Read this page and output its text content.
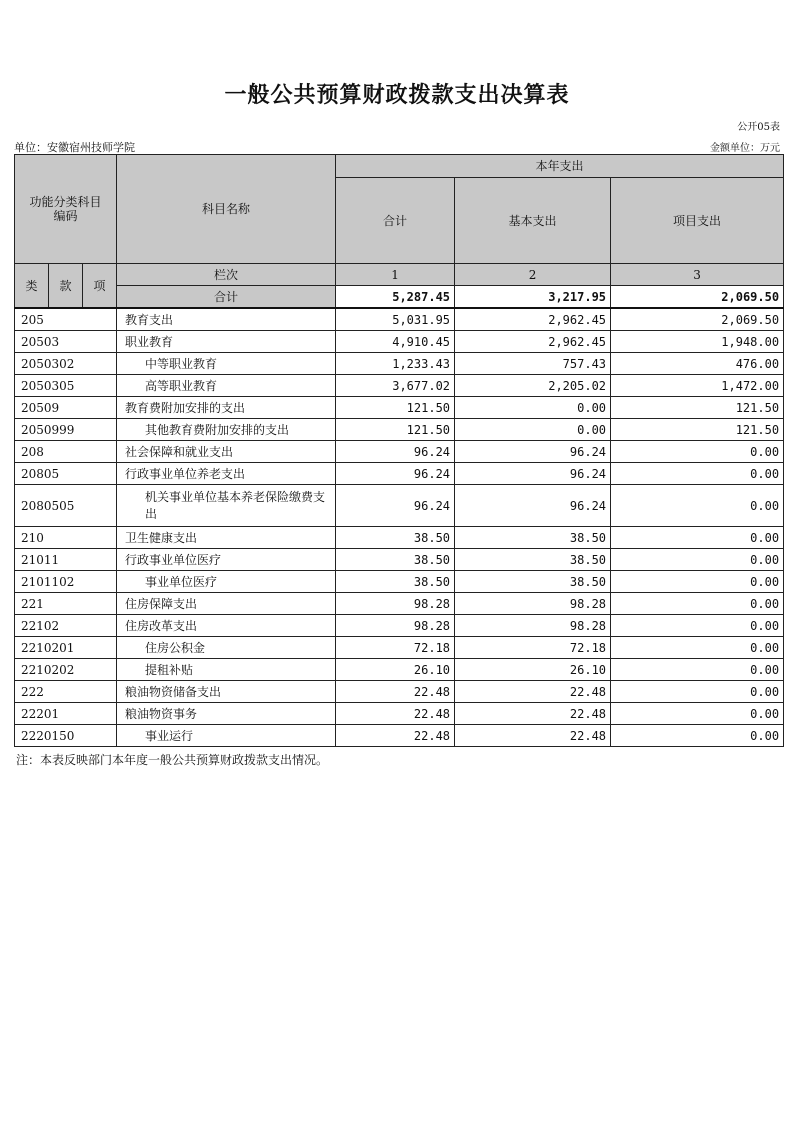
一般公共预算财政拨款支出决算表
公开05表
单位：安徽宿州技师学院	金额单位：万元
功能分类科目编码			科目名称	本年支出		
				合计	基本支出	项目支出
类	款	项	栏次	1	2	3
			合计	5,287.45	3,217.95	2,069.50
205			教育支出	5,031.95	2,962.45	2,069.50
20503			职业教育	4,910.45	2,962.45	1,948.00
2050302			中等职业教育	1,233.43	757.43	476.00
2050305			高等职业教育	3,677.02	2,205.02	1,472.00
20509			教育费附加安排的支出	121.50	0.00	121.50
2050999			其他教育费附加安排的支出	121.50	0.00	121.50
208			社会保障和就业支出	96.24	96.24	0.00
20805			行政事业单位养老支出	96.24	96.24	0.00
2080505			机关事业单位基本养老保险缴费支出	96.24	96.24	0.00
210			卫生健康支出	38.50	38.50	0.00
21011			行政事业单位医疗	38.50	38.50	0.00
2101102			事业单位医疗	38.50	38.50	0.00
221			住房保障支出	98.28	98.28	0.00
22102			住房改革支出	98.28	98.28	0.00
2210201			住房公积金	72.18	72.18	0.00
2210202			提租补贴	26.10	26.10	0.00
222			粮油物资储备支出	22.48	22.48	0.00
22201			粮油物资事务	22.48	22.48	0.00
2220150			事业运行	22.48	22.48	0.00
注：本表反映部门本年度一般公共预算财政拨款支出情况。
